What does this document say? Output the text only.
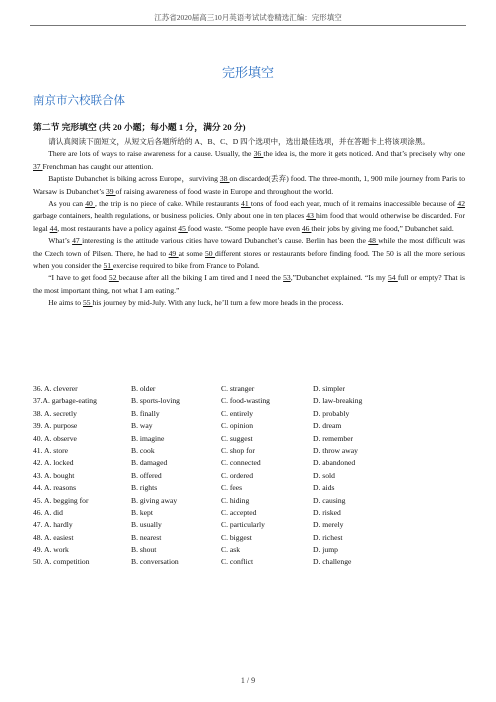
江苏省2020届高三10月英语考试试卷精选汇编：完形填空
完形填空
南京市六校联合体
第二节 完形填空 (共 20 小题；每小题 1 分，满分 20 分)

请认真阅读下面短文，从短文后各题所给的 A、B、C、D 四个选项中，选出最佳选项，并在答题卡上将该项涂黑。

There are lots of ways to raise awareness for a cause. Usually, the 36 the idea is, the more it gets noticed. And that’s precisely why one 37 Frenchman has caught our attention.

Baptiste Dubanchet is biking across Europe，surviving 38 on discarded(丢弃) food. The three-month, 1, 900 mile journey from Paris to Warsaw is Dubanchet’s 39 of raising awareness of food waste in Europe and throughout the world.

As you can 40 , the trip is no piece of cake. While restaurants 41 tons of food each year, much of it remains inaccessible because of 42 garbage containers, health regulations, or business policies. Only about one in ten places 43 him food that would otherwise be discarded. For legal 44, most restaurants have a policy against 45 food waste. “Some people have even 46 their jobs by giving me food,” Dubanchet said.

What’s 47 interesting is the attitude various cities have toward Dubanchet’s cause. Berlin has been the 48 while the most difficult was the Czech town of Pilsen. There, he had to 49 at some 50 different stores or restaurants before finding food. The 50 is all the more serious when you consider the 51 exercise required to bike from France to Poland.

“I have to get food 52 because after all the biking I am tired and I need the 53,”Dubanchet explained. “Is my 54 full or empty? That is the most important thing, not what I am eating.”

He aims to 55 his journey by mid-July. With any luck, he’ll turn a few more heads in the process.

36. A. cleverer	B. older	C. stranger	D. simpler
37.A. garbage-eating	B. sports-loving	C. food-wasting	D. law-breaking
38. A. secretly	B. finally	C. entirely	D. probably
39. A. purpose	B. way	C. opinion	D. dream
40. A. observe	B. imagine	C. suggest	D. remember
41. A. store	B. cook	C. shop for	D. throw away
42. A. locked	B. damaged	C. connected	D. abandoned
43. A. bought	B. offered	C. ordered	D. sold
44. A. reasons	B. rights	C. fees	D. aids
45. A. begging for	B. giving away	C. hiding	D. causing
46. A. did	B. kept	C. accepted	D. risked
47. A. hardly	B. usually	C. particularly	D. merely
48. A. easiest	B. nearest	C. biggest	D. richest
49. A. work	B. shout	C. ask	D. jump
50. A. competition	B. conversation	C. conflict	D. challenge
1 / 9
